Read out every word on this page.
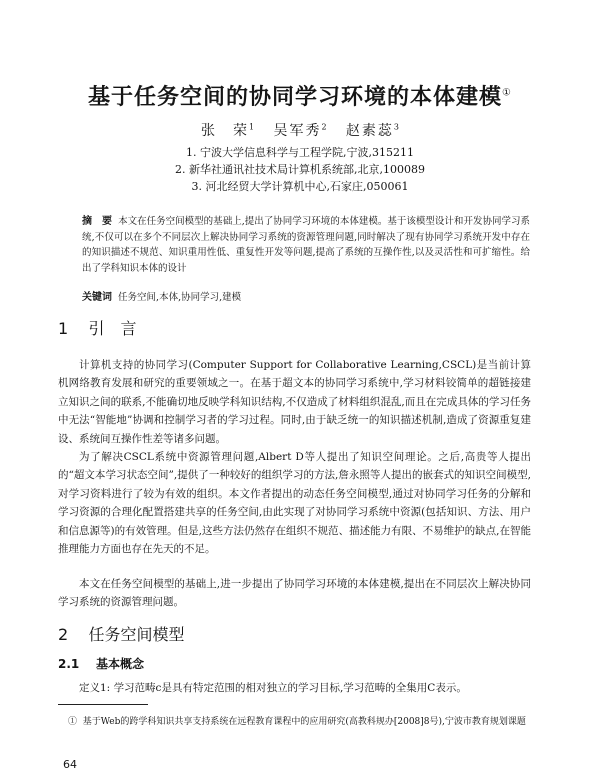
基于任务空间的协同学习环境的本体建模①
张　荣$^1$ 吴军秀$^2$ 赵素蕊$^3$
1. 宁波大学信息科学与工程学院,宁波,315211
2. 新华社通讯社技术局计算机系统部,北京,100089
3. 河北经贸大学计算机中心,石家庄,050061
摘　要 本文在任务空间模型的基础上,提出了协同学习环境的本体建模。基于该模型设计和开发协同学习系统,不仅可以在多个不同层次上解决协同学习系统的资源管理问题,同时解决了现有协同学习系统开发中存在的知识描述不规范、知识重用性低、重复性开发等问题,提高了系统的互操作性,以及灵活性和可扩缩性。给出了学科知识本体的设计
关键词 任务空间,本体,协同学习,建模
1 引　言

计算机支持的协同学习(Computer Support for Collaborative Learning,CSCL)是当前计算机网络教育发展和研究的重要领域之一。在基于超文本的协同学习系统中,学习材料铰简单的超链接建立知识之间的联系,不能确切地反映学科知识结构,不仅造成了材料组织混乱,而且在完成具体的学习任务中无法“智能地”协调和控制学习者的学习过程。同时,由于缺乏统一的知识描述机制,造成了资源重复建设、系统间互操作性差等诸多问题。

为了解决CSCL系统中资源管理问题,Albert D等人提出了知识空间理论。之后,高贵等人提出的“超文本学习状态空间”,提供了一种较好的组织学习的方法,詹永照等人提出的嵌套式的知识空间模型,对学习资料进行了较为有效的组织。本文作者提出的动态任务空间模型,通过对协同学习任务的分解和学习资源的合理化配置搭建共享的任务空间,由此实现了对协同学习系统中资源(包括知识、方法、用户和信息源等)的有效管理。但是,这些方法仍然存在组织不规范、描述能力有限、不易维护的缺点,在智能推理能力方面也存在先天的不足。

本文在任务空间模型的基础上,进一步提出了协同学习环境的本体建模,提出在不同层次上解决协同学习系统的资源管理问题。

2 任务空间模型
2.1 基本概念

定义1: 学习范畴c是具有特定范围的相对独立的学习目标,学习范畴的全集用C表示。

① 基于Web的跨学科知识共享支持系统在远程教育课程中的应用研究(高教科规办[2008]8号),宁波市教育规划课题

64
